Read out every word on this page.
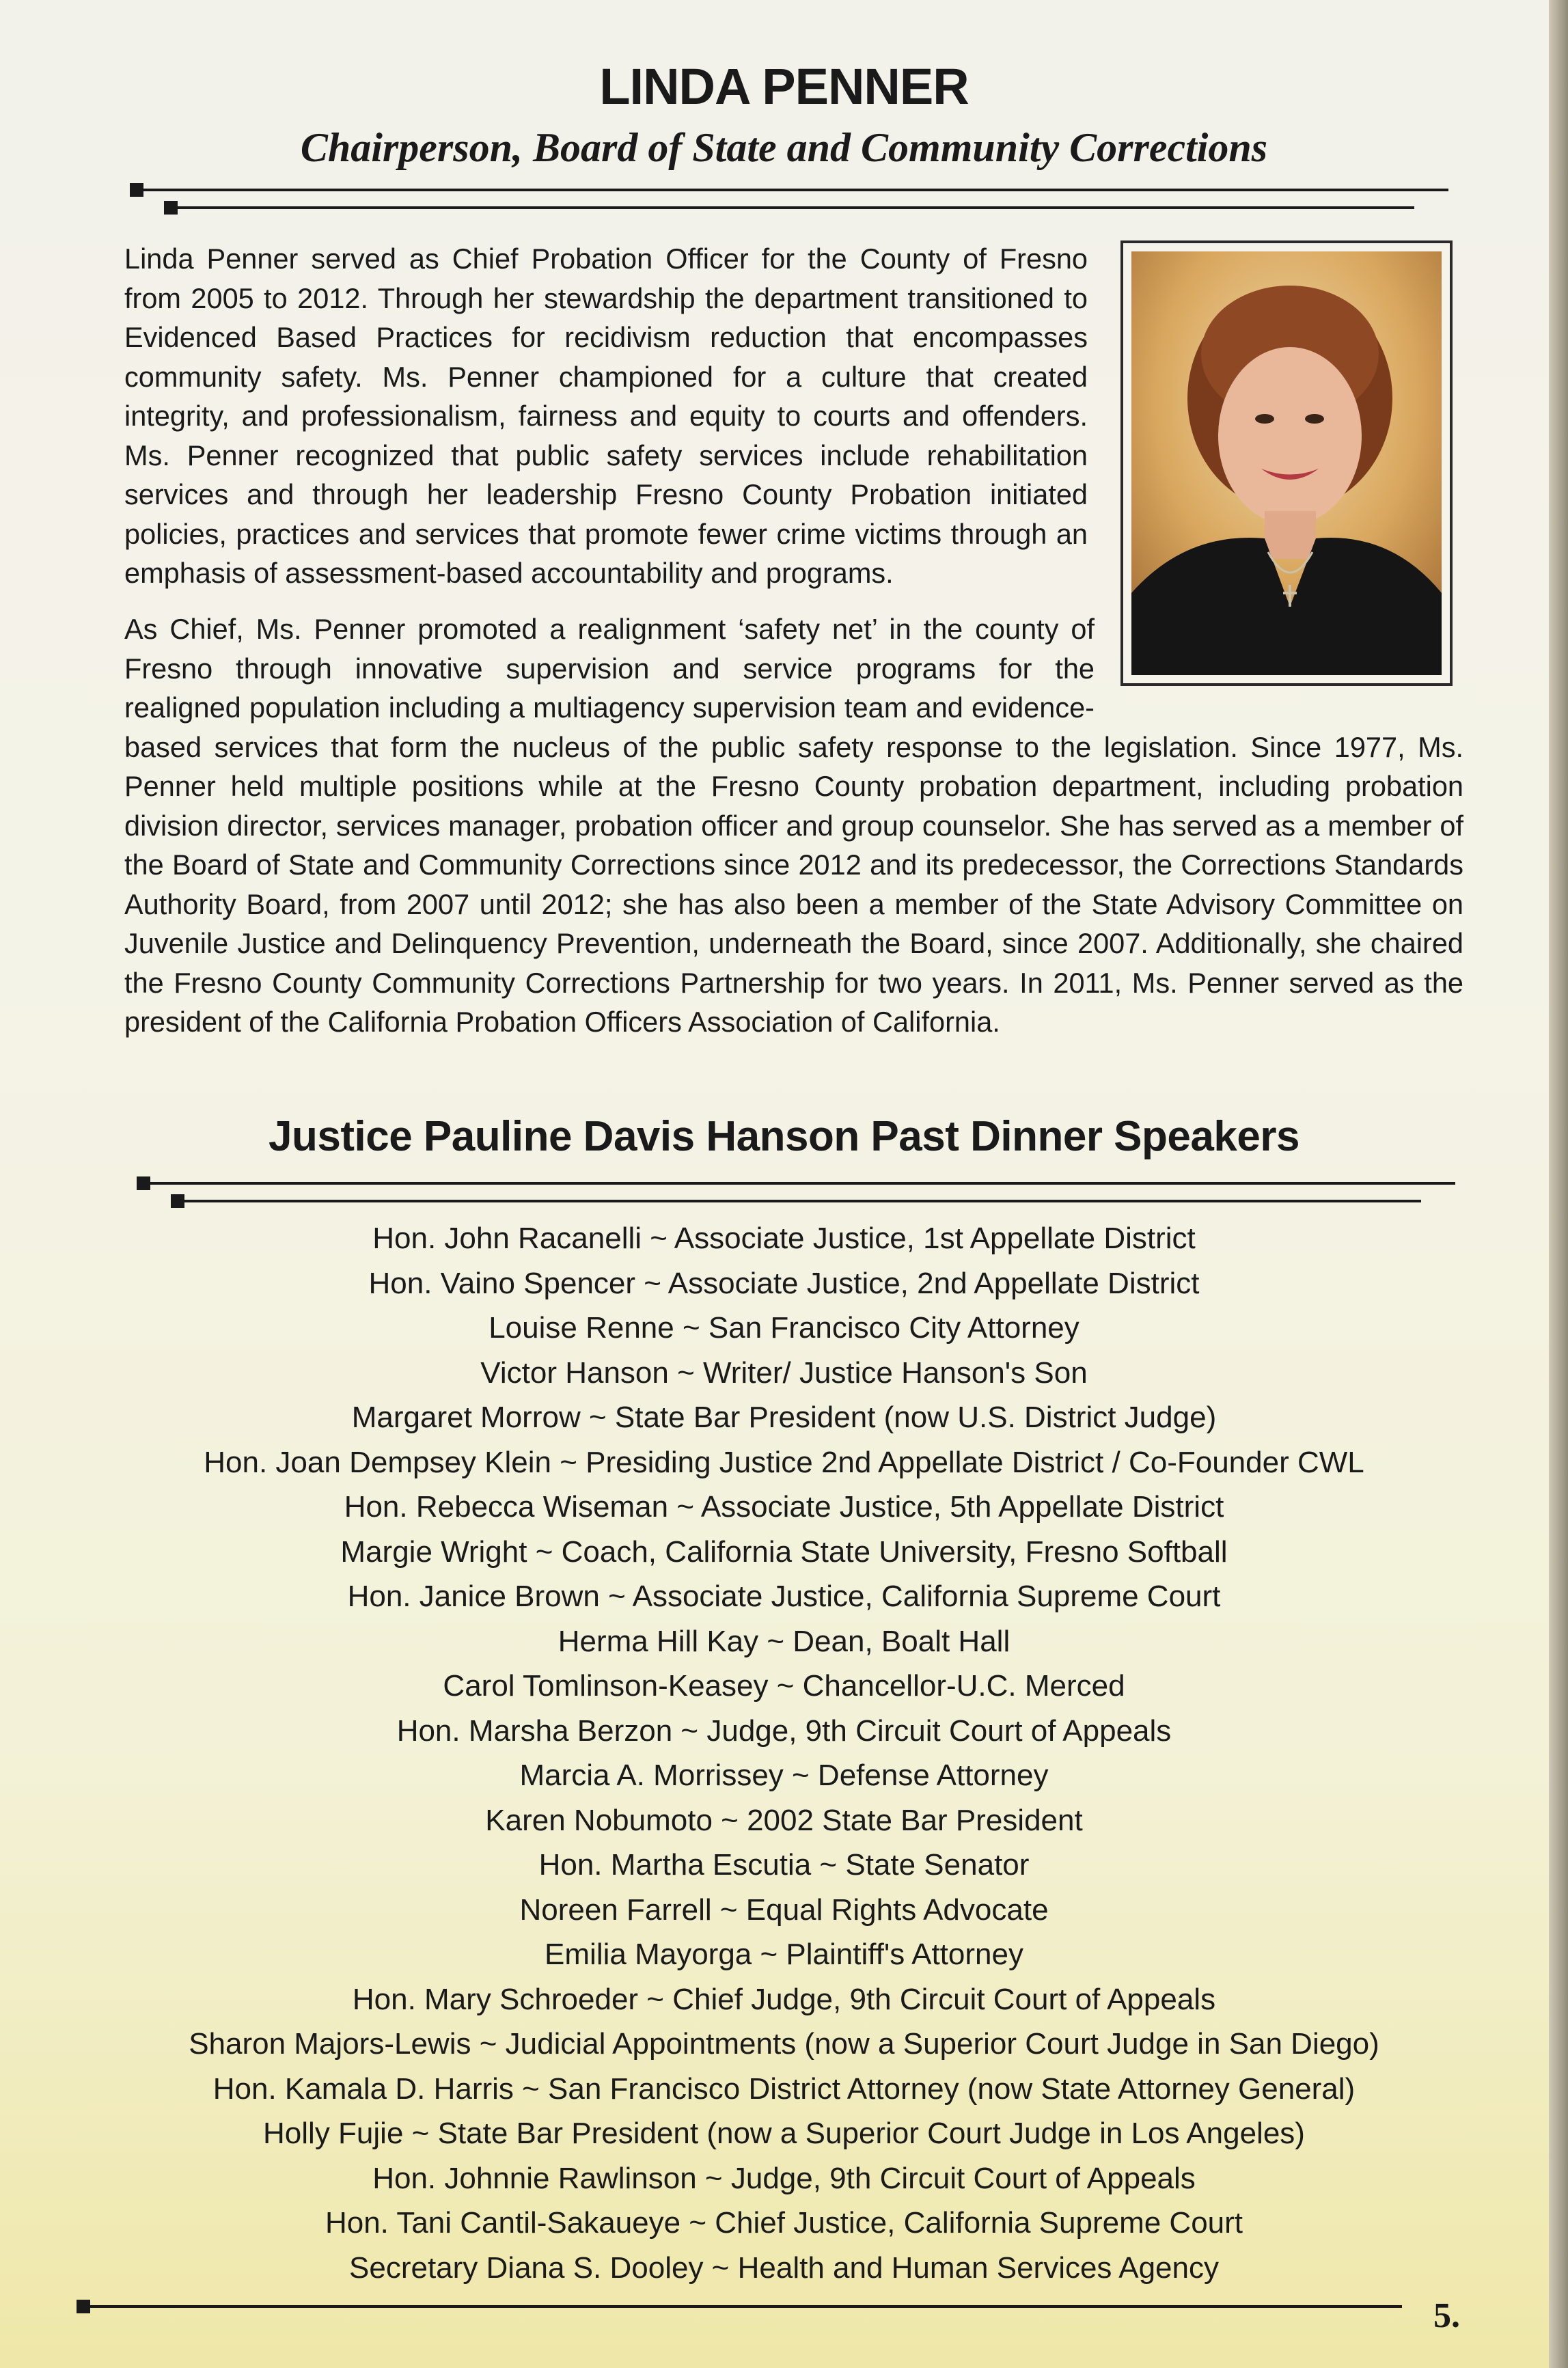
LINDA PENNER
Chairperson, Board of State and Community Corrections

Linda Penner served as Chief Probation Officer for the County of Fresno from 2005 to 2012. Through her stewardship the department transitioned to Evidenced Based Practices for recidivism reduction that encompasses community safety. Ms. Penner championed for a culture that created integrity, and professionalism, fairness and equity to courts and offenders. Ms. Penner recognized that public safety services include rehabilitation services and through her leadership Fresno County Probation initiated policies, practices and services that promote fewer crime victims through an emphasis of assessment-based accountability and programs.

As Chief, Ms. Penner promoted a realignment ‘safety net’ in the county of Fresno through innovative supervision and service programs for the realigned population including a multiagency supervision team and evidence-based services that form the nucleus of the public safety response to the legislation. Since 1977, Ms. Penner held multiple positions while at the Fresno County probation department, including probation division director, services manager, probation officer and group counselor. She has served as a member of the Board of State and Community Corrections since 2012 and its predecessor, the Corrections Standards Authority Board, from 2007 until 2012; she has also been a member of the State Advisory Committee on Juvenile Justice and Delinquency Prevention, underneath the Board, since 2007. Additionally, she chaired the Fresno County Community Corrections Partnership for two years. In 2011, Ms. Penner served as the president of the California Probation Officers Association of California.

Justice Pauline Davis Hanson Past Dinner Speakers
Hon. John Racanelli ~ Associate Justice, 1st Appellate District
Hon. Vaino Spencer ~ Associate Justice, 2nd Appellate District
Louise Renne ~ San Francisco City Attorney
Victor Hanson ~ Writer/ Justice Hanson's Son
Margaret Morrow ~ State Bar President (now U.S. District Judge)
Hon. Joan Dempsey Klein ~ Presiding Justice 2nd Appellate District / Co-Founder CWL
Hon. Rebecca Wiseman ~ Associate Justice, 5th Appellate District
Margie Wright ~ Coach, California State University, Fresno Softball
Hon. Janice Brown ~ Associate Justice, California Supreme Court
Herma Hill Kay ~ Dean, Boalt Hall
Carol Tomlinson-Keasey ~ Chancellor-U.C. Merced
Hon. Marsha Berzon ~ Judge, 9th Circuit Court of Appeals
Marcia A. Morrissey ~ Defense Attorney
Karen Nobumoto ~ 2002 State Bar President
Hon. Martha Escutia ~ State Senator
Noreen Farrell ~ Equal Rights Advocate
Emilia Mayorga ~ Plaintiff's Attorney
Hon. Mary Schroeder ~ Chief Judge, 9th Circuit Court of Appeals
Sharon Majors-Lewis ~ Judicial Appointments (now a Superior Court Judge in San Diego)
Hon. Kamala D. Harris ~ San Francisco District Attorney (now State Attorney General)
Holly Fujie ~ State Bar President (now a Superior Court Judge in Los Angeles)
Hon. Johnnie Rawlinson ~ Judge, 9th Circuit Court of Appeals
Hon. Tani Cantil-Sakaueye ~ Chief Justice, California Supreme Court
Secretary Diana S. Dooley ~ Health and Human Services Agency
5.
